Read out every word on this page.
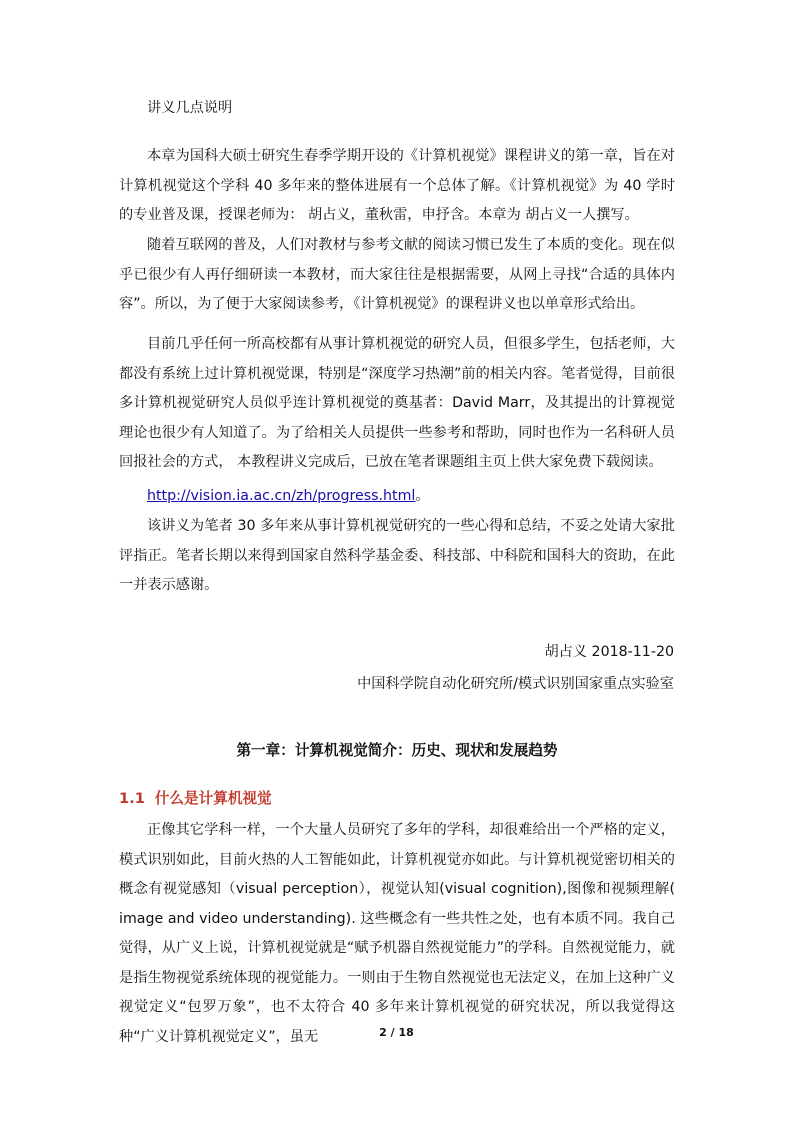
讲义几点说明

本章为国科大硕士研究生春季学期开设的《计算机视觉》课程讲义的第一章，旨在对计算机视觉这个学科 40 多年来的整体进展有一个总体了解。《计算机视觉》为 40 学时的专业普及课，授课老师为： 胡占义，董秋雷，申抒含。本章为 胡占义一人撰写。

随着互联网的普及，人们对教材与参考文献的阅读习惯已发生了本质的变化。现在似乎已很少有人再仔细研读一本教材，而大家往往是根据需要，从网上寻找“合适的具体内容”。所以，为了便于大家阅读参考，《计算机视觉》的课程讲义也以单章形式给出。

目前几乎任何一所高校都有从事计算机视觉的研究人员，但很多学生，包括老师，大都没有系统上过计算机视觉课，特别是“深度学习热潮”前的相关内容。笔者觉得，目前很多计算机视觉研究人员似乎连计算机视觉的奠基者：David Marr，及其提出的计算视觉理论也很少有人知道了。为了给相关人员提供一些参考和帮助，同时也作为一名科研人员回报社会的方式， 本教程讲义完成后，已放在笔者课题组主页上供大家免费下载阅读。

http://vision.ia.ac.cn/zh/progress.html。

该讲义为笔者 30 多年来从事计算机视觉研究的一些心得和总结，不妥之处请大家批评指正。笔者长期以来得到国家自然科学基金委、科技部、中科院和国科大的资助，在此一并表示感谢。

胡占义 2018-11-20

中国科学院自动化研究所/模式识别国家重点实验室

第一章：计算机视觉简介：历史、现状和发展趋势

1.1 什么是计算机视觉

正像其它学科一样，一个大量人员研究了多年的学科，却很难给出一个严格的定义， 模式识别如此，目前火热的人工智能如此，计算机视觉亦如此。与计算机视觉密切相关的概念有视觉感知（visual perception），视觉认知(visual cognition),图像和视频理解( image and video understanding). 这些概念有一些共性之处，也有本质不同。我自己觉得，从广义上说，计算机视觉就是“赋予机器自然视觉能力”的学科。自然视觉能力，就是指生物视觉系统体现的视觉能力。一则由于生物自然视觉也无法定义，在加上这种广义视觉定义“包罗万象”，也不太符合 40 多年来计算机视觉的研究状况，所以我觉得这种“广义计算机视觉定义”，虽无	2 / 18
